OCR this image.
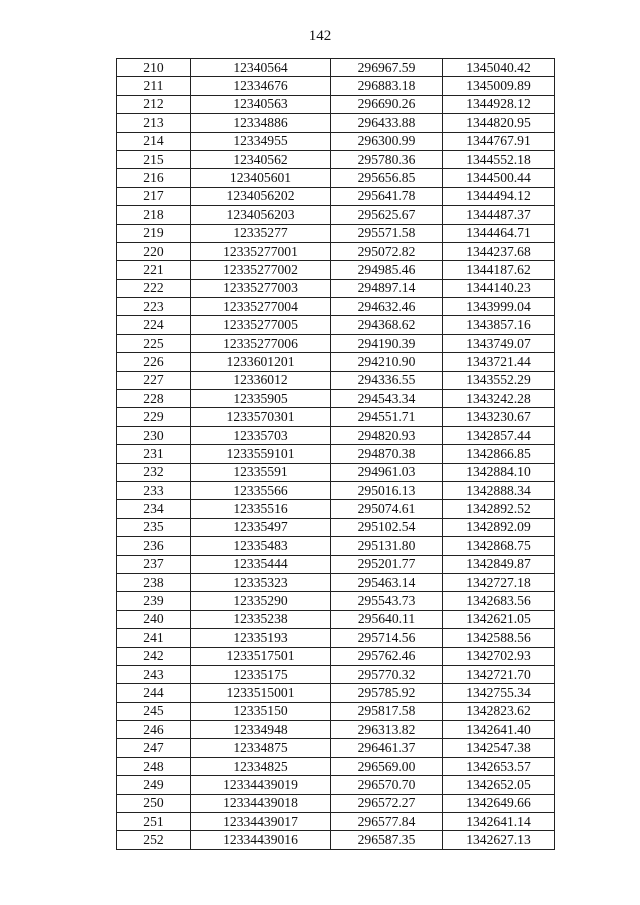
142
210	12340564	296967.59	1345040.42
211	12334676	296883.18	1345009.89
212	12340563	296690.26	1344928.12
213	12334886	296433.88	1344820.95
214	12334955	296300.99	1344767.91
215	12340562	295780.36	1344552.18
216	123405601	295656.85	1344500.44
217	1234056202	295641.78	1344494.12
218	1234056203	295625.67	1344487.37
219	12335277	295571.58	1344464.71
220	12335277001	295072.82	1344237.68
221	12335277002	294985.46	1344187.62
222	12335277003	294897.14	1344140.23
223	12335277004	294632.46	1343999.04
224	12335277005	294368.62	1343857.16
225	12335277006	294190.39	1343749.07
226	1233601201	294210.90	1343721.44
227	12336012	294336.55	1343552.29
228	12335905	294543.34	1343242.28
229	1233570301	294551.71	1343230.67
230	12335703	294820.93	1342857.44
231	1233559101	294870.38	1342866.85
232	12335591	294961.03	1342884.10
233	12335566	295016.13	1342888.34
234	12335516	295074.61	1342892.52
235	12335497	295102.54	1342892.09
236	12335483	295131.80	1342868.75
237	12335444	295201.77	1342849.87
238	12335323	295463.14	1342727.18
239	12335290	295543.73	1342683.56
240	12335238	295640.11	1342621.05
241	12335193	295714.56	1342588.56
242	1233517501	295762.46	1342702.93
243	12335175	295770.32	1342721.70
244	1233515001	295785.92	1342755.34
245	12335150	295817.58	1342823.62
246	12334948	296313.82	1342641.40
247	12334875	296461.37	1342547.38
248	12334825	296569.00	1342653.57
249	12334439019	296570.70	1342652.05
250	12334439018	296572.27	1342649.66
251	12334439017	296577.84	1342641.14
252	12334439016	296587.35	1342627.13
